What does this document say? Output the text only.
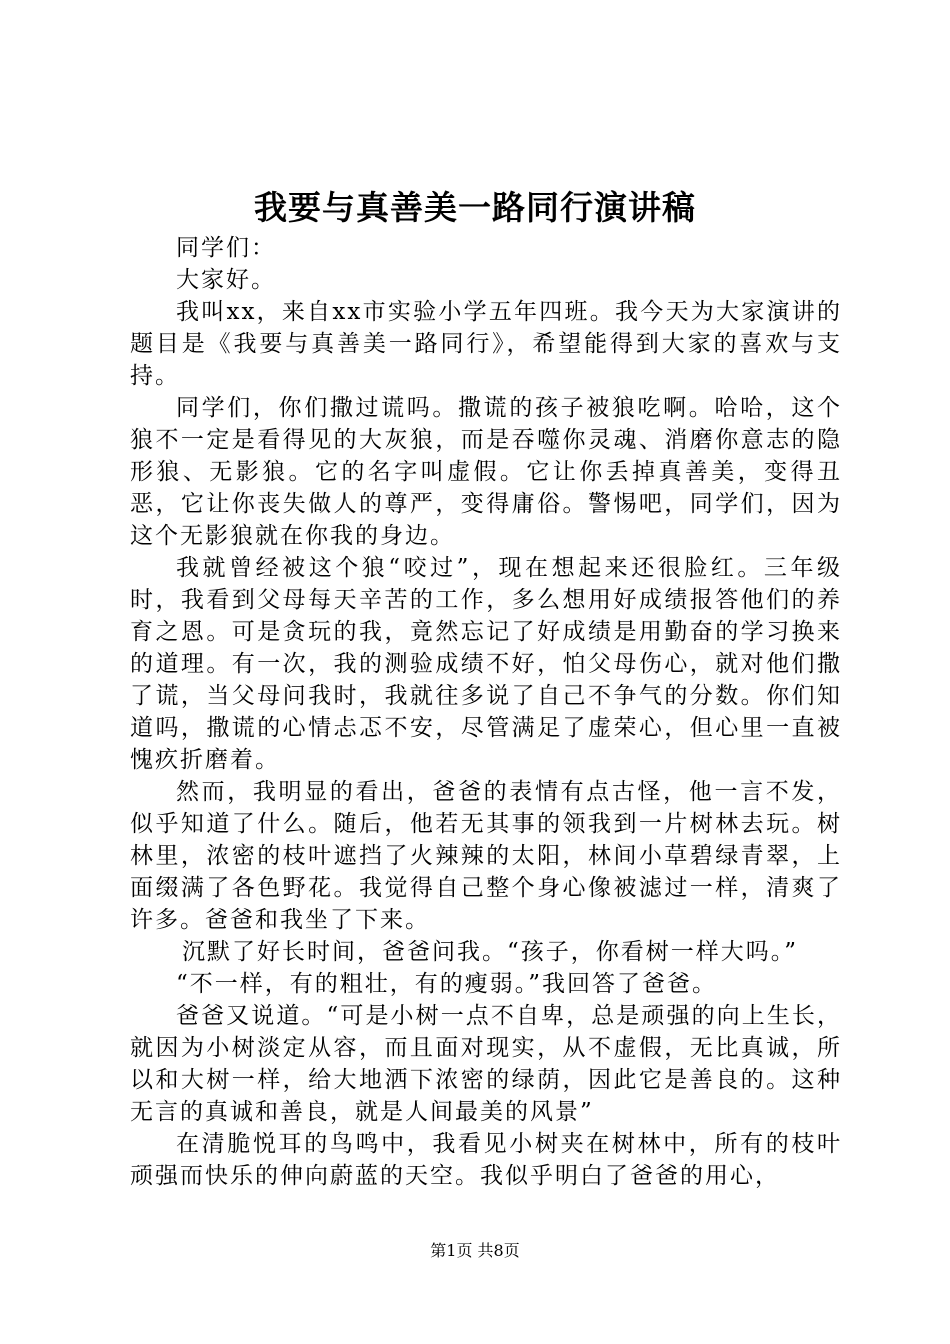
我要与真善美一路同行演讲稿

同学们：

大家好。

我叫xx，来自xx市实验小学五年四班。我今天为大家演讲的题目是《我要与真善美一路同行》，希望能得到大家的喜欢与支持。

同学们，你们撒过谎吗。撒谎的孩子被狼吃啊。哈哈，这个狼不一定是看得见的大灰狼，而是吞噬你灵魂、消磨你意志的隐形狼、无影狼。它的名字叫虚假。它让你丢掉真善美，变得丑恶，它让你丧失做人的尊严，变得庸俗。警惕吧，同学们，因为这个无影狼就在你我的身边。

我就曾经被这个狼“咬过”，现在想起来还很脸红。三年级时，我看到父母每天辛苦的工作，多么想用好成绩报答他们的养育之恩。可是贪玩的我，竟然忘记了好成绩是用勤奋的学习换来的道理。有一次，我的测验成绩不好，怕父母伤心，就对他们撒了谎，当父母问我时，我就往多说了自己不争气的分数。你们知道吗，撒谎的心情忐忑不安，尽管满足了虚荣心，但心里一直被愧疚折磨着。

然而，我明显的看出，爸爸的表情有点古怪，他一言不发，似乎知道了什么。随后，他若无其事的领我到一片树林去玩。树林里，浓密的枝叶遮挡了火辣辣的太阳，林间小草碧绿青翠，上面缀满了各色野花。我觉得自己整个身心像被滤过一样，清爽了许多。爸爸和我坐了下来。

沉默了好长时间，爸爸问我。“孩子，你看树一样大吗。”

“不一样，有的粗壮，有的瘦弱。”我回答了爸爸。

爸爸又说道。“可是小树一点不自卑，总是顽强的向上生长，就因为小树淡定从容，而且面对现实，从不虚假，无比真诚，所以和大树一样，给大地洒下浓密的绿荫，因此它是善良的。这种无言的真诚和善良，就是人间最美的风景”

在清脆悦耳的鸟鸣中，我看见小树夹在树林中，所有的枝叶顽强而快乐的伸向蔚蓝的天空。我似乎明白了爸爸的用心，

第1页 共8页
